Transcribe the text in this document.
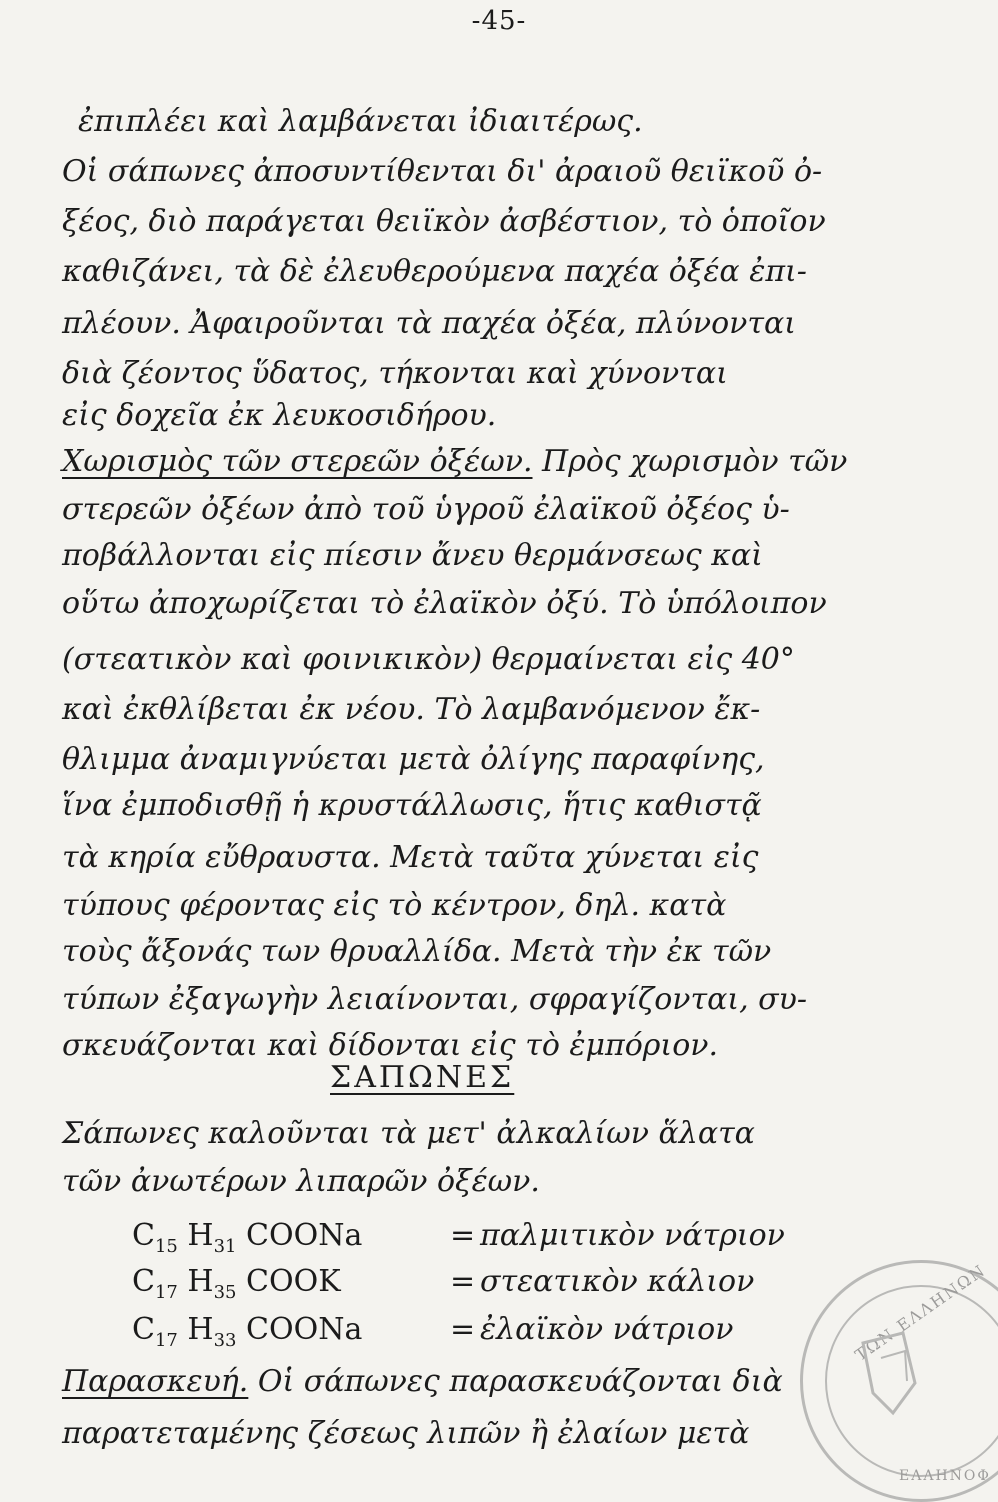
-45-
ἐπιπλέει καὶ λαμβάνεται ἰδιαιτέρως.
Οἱ σάπωνες ἀποσυντίθενται δι' ἀραιοῦ θειϊκοῦ ὀ-
ξέος, διὸ παράγεται θειϊκὸν ἀσβέστιον, τὸ ὁποῖον
καθιζάνει, τὰ δὲ ἐλευθερούμενα παχέα ὀξέα ἐπι-
πλέουν. Ἀφαιροῦνται τὰ παχέα ὀξέα, πλύνονται
διὰ ζέοντος ὕδατος, τήκονται καὶ χύνονται
εἰς δοχεῖα ἐκ λευκοσιδήρου.
Χωρισμὸς τῶν στερεῶν ὀξέων. Πρὸς χωρισμὸν τῶν
στερεῶν ὀξέων ἀπὸ τοῦ ὑγροῦ ἐλαϊκοῦ ὀξέος ὑ-
ποβάλλονται εἰς πίεσιν ἄνευ θερμάνσεως καὶ
οὕτω ἀποχωρίζεται τὸ ἐλαϊκὸν ὀξύ. Τὸ ὑπόλοιπον
(στεατικὸν καὶ φοινικικὸν) θερμαίνεται εἰς 40°
καὶ ἐκθλίβεται ἐκ νέου. Τὸ λαμβανόμενον ἔκ-
θλιμμα ἀναμιγνύεται μετὰ ὀλίγης παραφίνης,
ἵνα ἐμποδισθῇ ἡ κρυστάλλωσις, ἥτις καθιστᾷ
τὰ κηρία εὔθραυστα. Μετὰ ταῦτα χύνεται εἰς
τύπους φέροντας εἰς τὸ κέντρον, δηλ. κατὰ
τοὺς ἄξονάς των θρυαλλίδα. Μετὰ τὴν ἐκ τῶν
τύπων ἐξαγωγὴν λειαίνονται, σφραγίζονται, συ-
σκευάζονται καὶ δίδονται εἰς τὸ ἐμπόριον.
ΣΑΠΩΝΕΣ
Σάπωνες καλοῦνται τὰ μετ' ἀλκαλίων ἅλατα
τῶν ἀνωτέρων λιπαρῶν ὀξέων.
$C_{15}$ $H_{31}$ COONa	= παλμιτικὸν νάτριον
$C_{17}$ $H_{35}$ COOK	= στεατικὸν κάλιον
$C_{17}$ $H_{33}$ COONa	= ἐλαϊκὸν νάτριον
Παρασκευή. Οἱ σάπωνες παρασκευάζονται διὰ
παρατεταμένης ζέσεως λιπῶν ἢ ἐλαίων μετὰ
ΤΩΝ ΕΛΛΗΝΩΝ
ΕΛΛΗΝΟΦ
